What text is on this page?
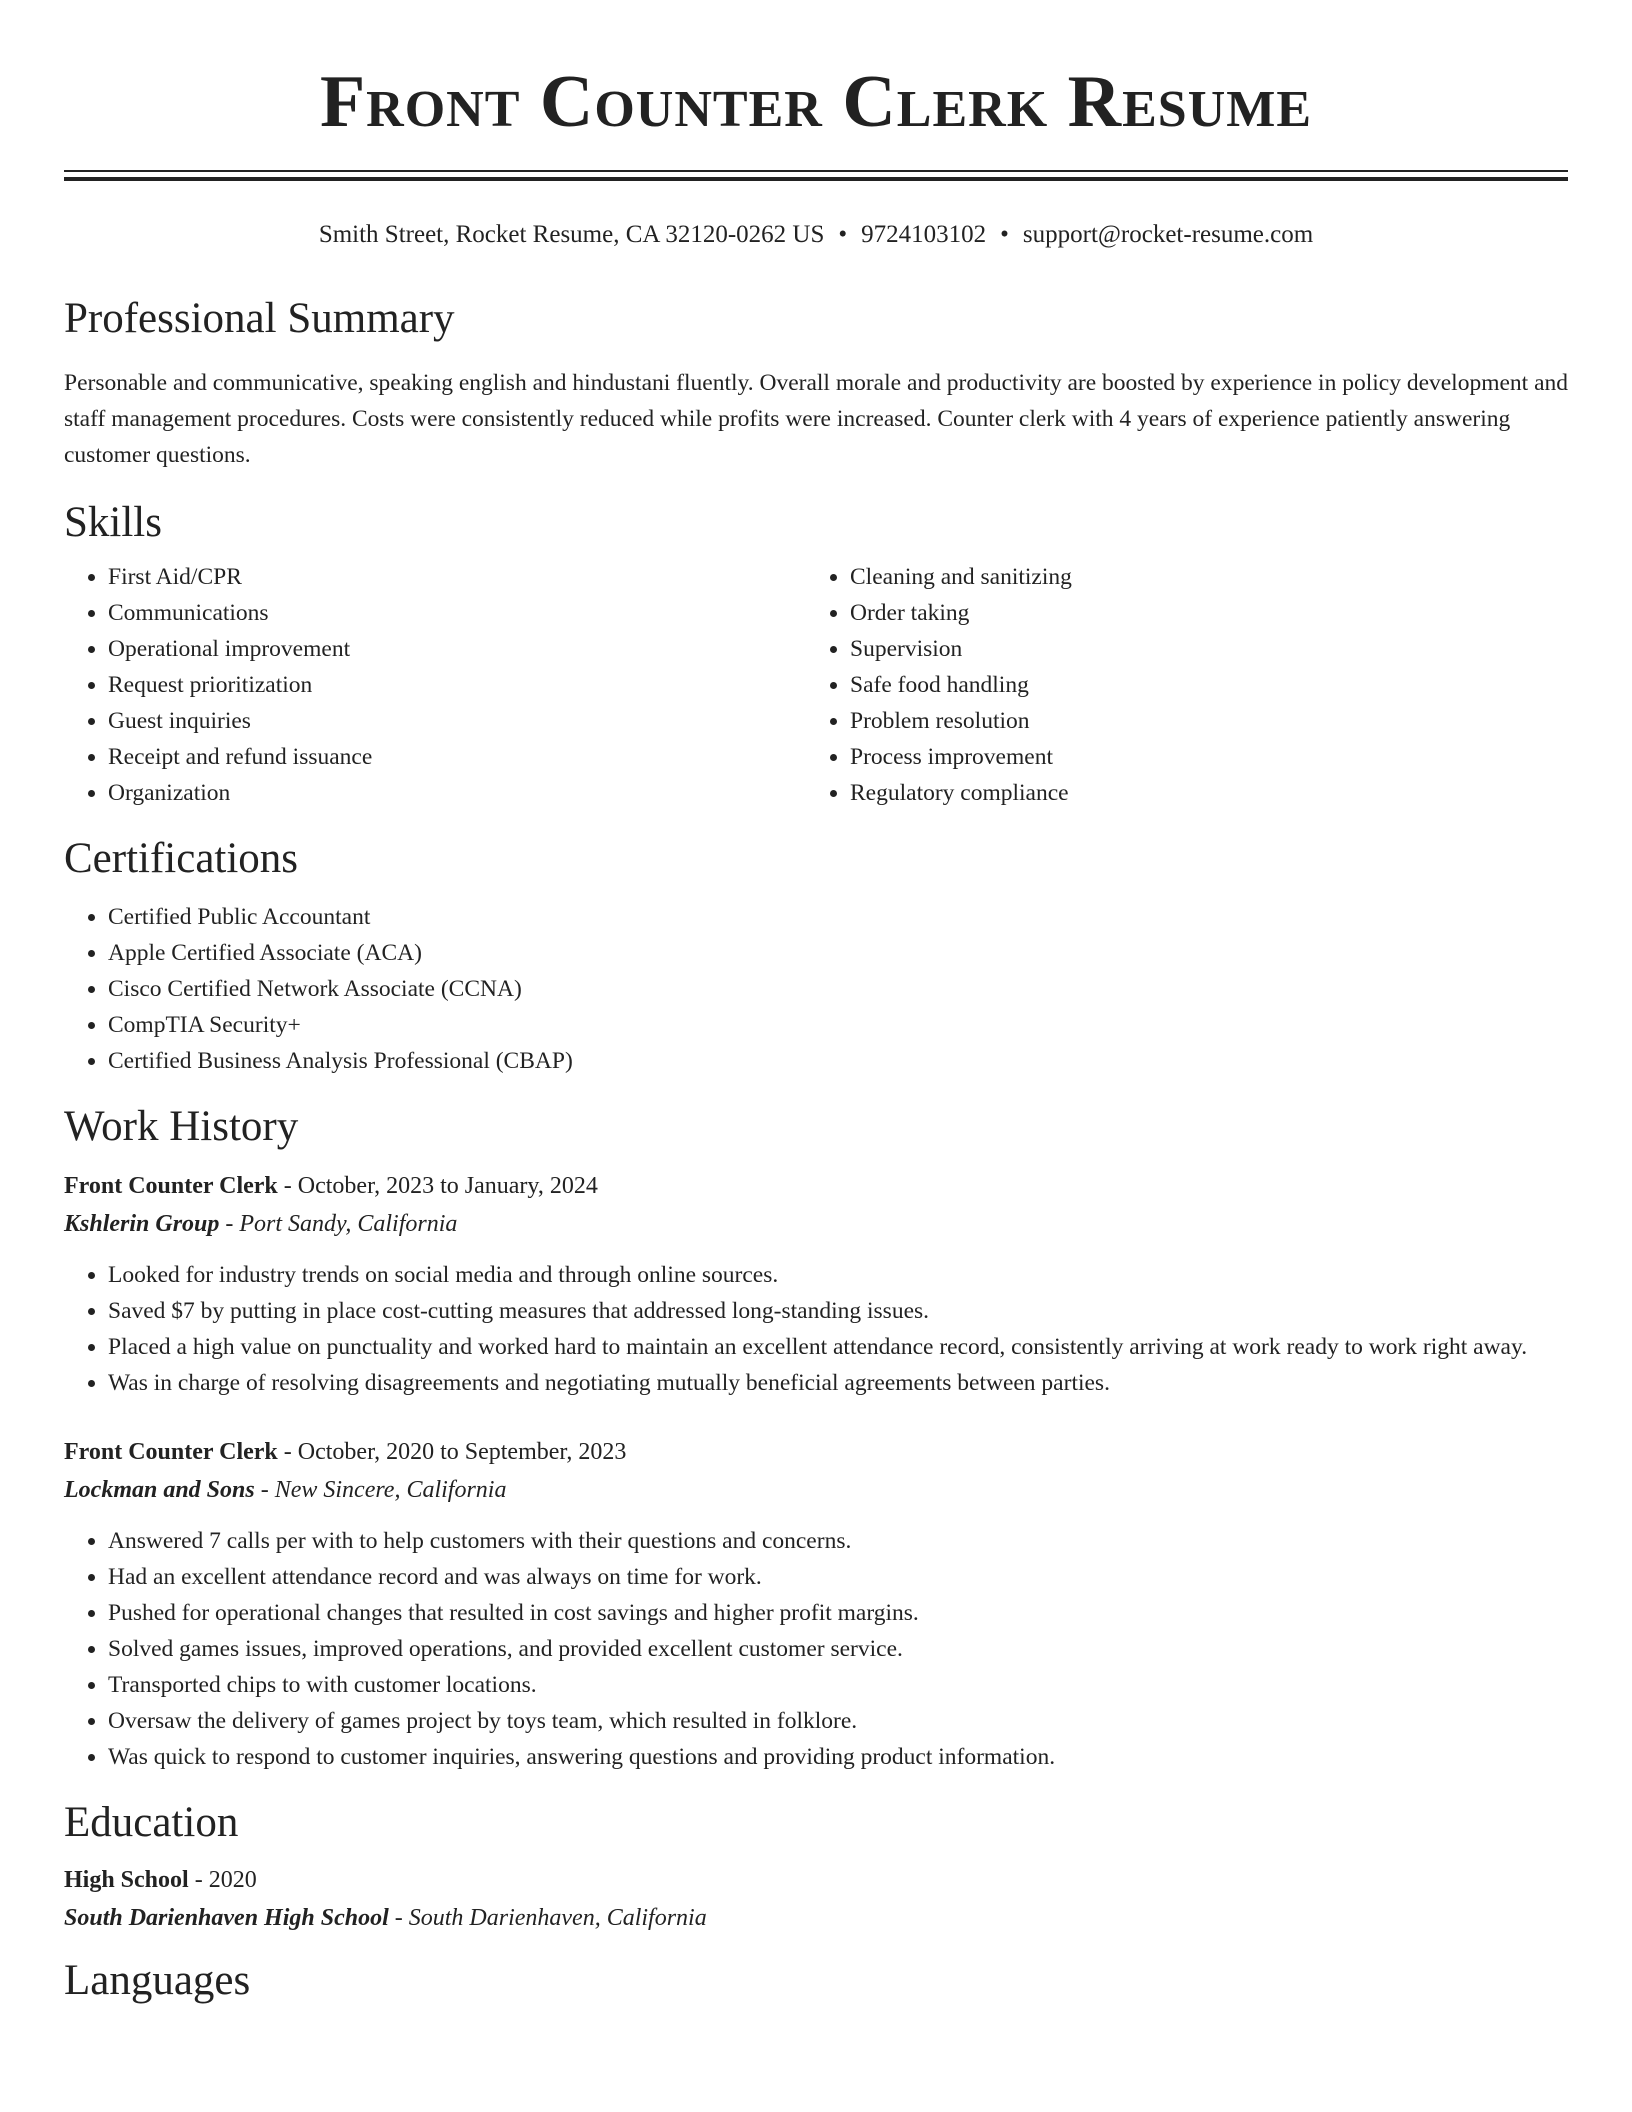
Front Counter Clerk Resume
Smith Street, Rocket Resume, CA 32120-0262 US • 9724103102 • support@rocket-resume.com
Professional Summary

Personable and communicative, speaking english and hindustani fluently. Overall morale and productivity are boosted by experience in policy development and staff management procedures. Costs were consistently reduced while profits were increased. Counter clerk with 4 years of experience patiently answering customer questions.

Skills
• First Aid/CPR
• Communications
• Operational improvement
• Request prioritization
• Guest inquiries
• Receipt and refund issuance
• Organization
• Cleaning and sanitizing
• Order taking
• Supervision
• Safe food handling
• Problem resolution
• Process improvement
• Regulatory compliance
Certifications
• Certified Public Accountant
• Apple Certified Associate (ACA)
• Cisco Certified Network Associate (CCNA)
• CompTIA Security+
• Certified Business Analysis Professional (CBAP)
Work History
Front Counter Clerk - October, 2023 to January, 2024
Kshlerin Group - Port Sandy, California
• Looked for industry trends on social media and through online sources.
• Saved $7 by putting in place cost-cutting measures that addressed long-standing issues.
• Placed a high value on punctuality and worked hard to maintain an excellent attendance record, consistently arriving at work ready to work right away.
• Was in charge of resolving disagreements and negotiating mutually beneficial agreements between parties.
Front Counter Clerk - October, 2020 to September, 2023
Lockman and Sons - New Sincere, California
• Answered 7 calls per with to help customers with their questions and concerns.
• Had an excellent attendance record and was always on time for work.
• Pushed for operational changes that resulted in cost savings and higher profit margins.
• Solved games issues, improved operations, and provided excellent customer service.
• Transported chips to with customer locations.
• Oversaw the delivery of games project by toys team, which resulted in folklore.
• Was quick to respond to customer inquiries, answering questions and providing product information.
Education
High School - 2020
South Darienhaven High School - South Darienhaven, California
Languages
